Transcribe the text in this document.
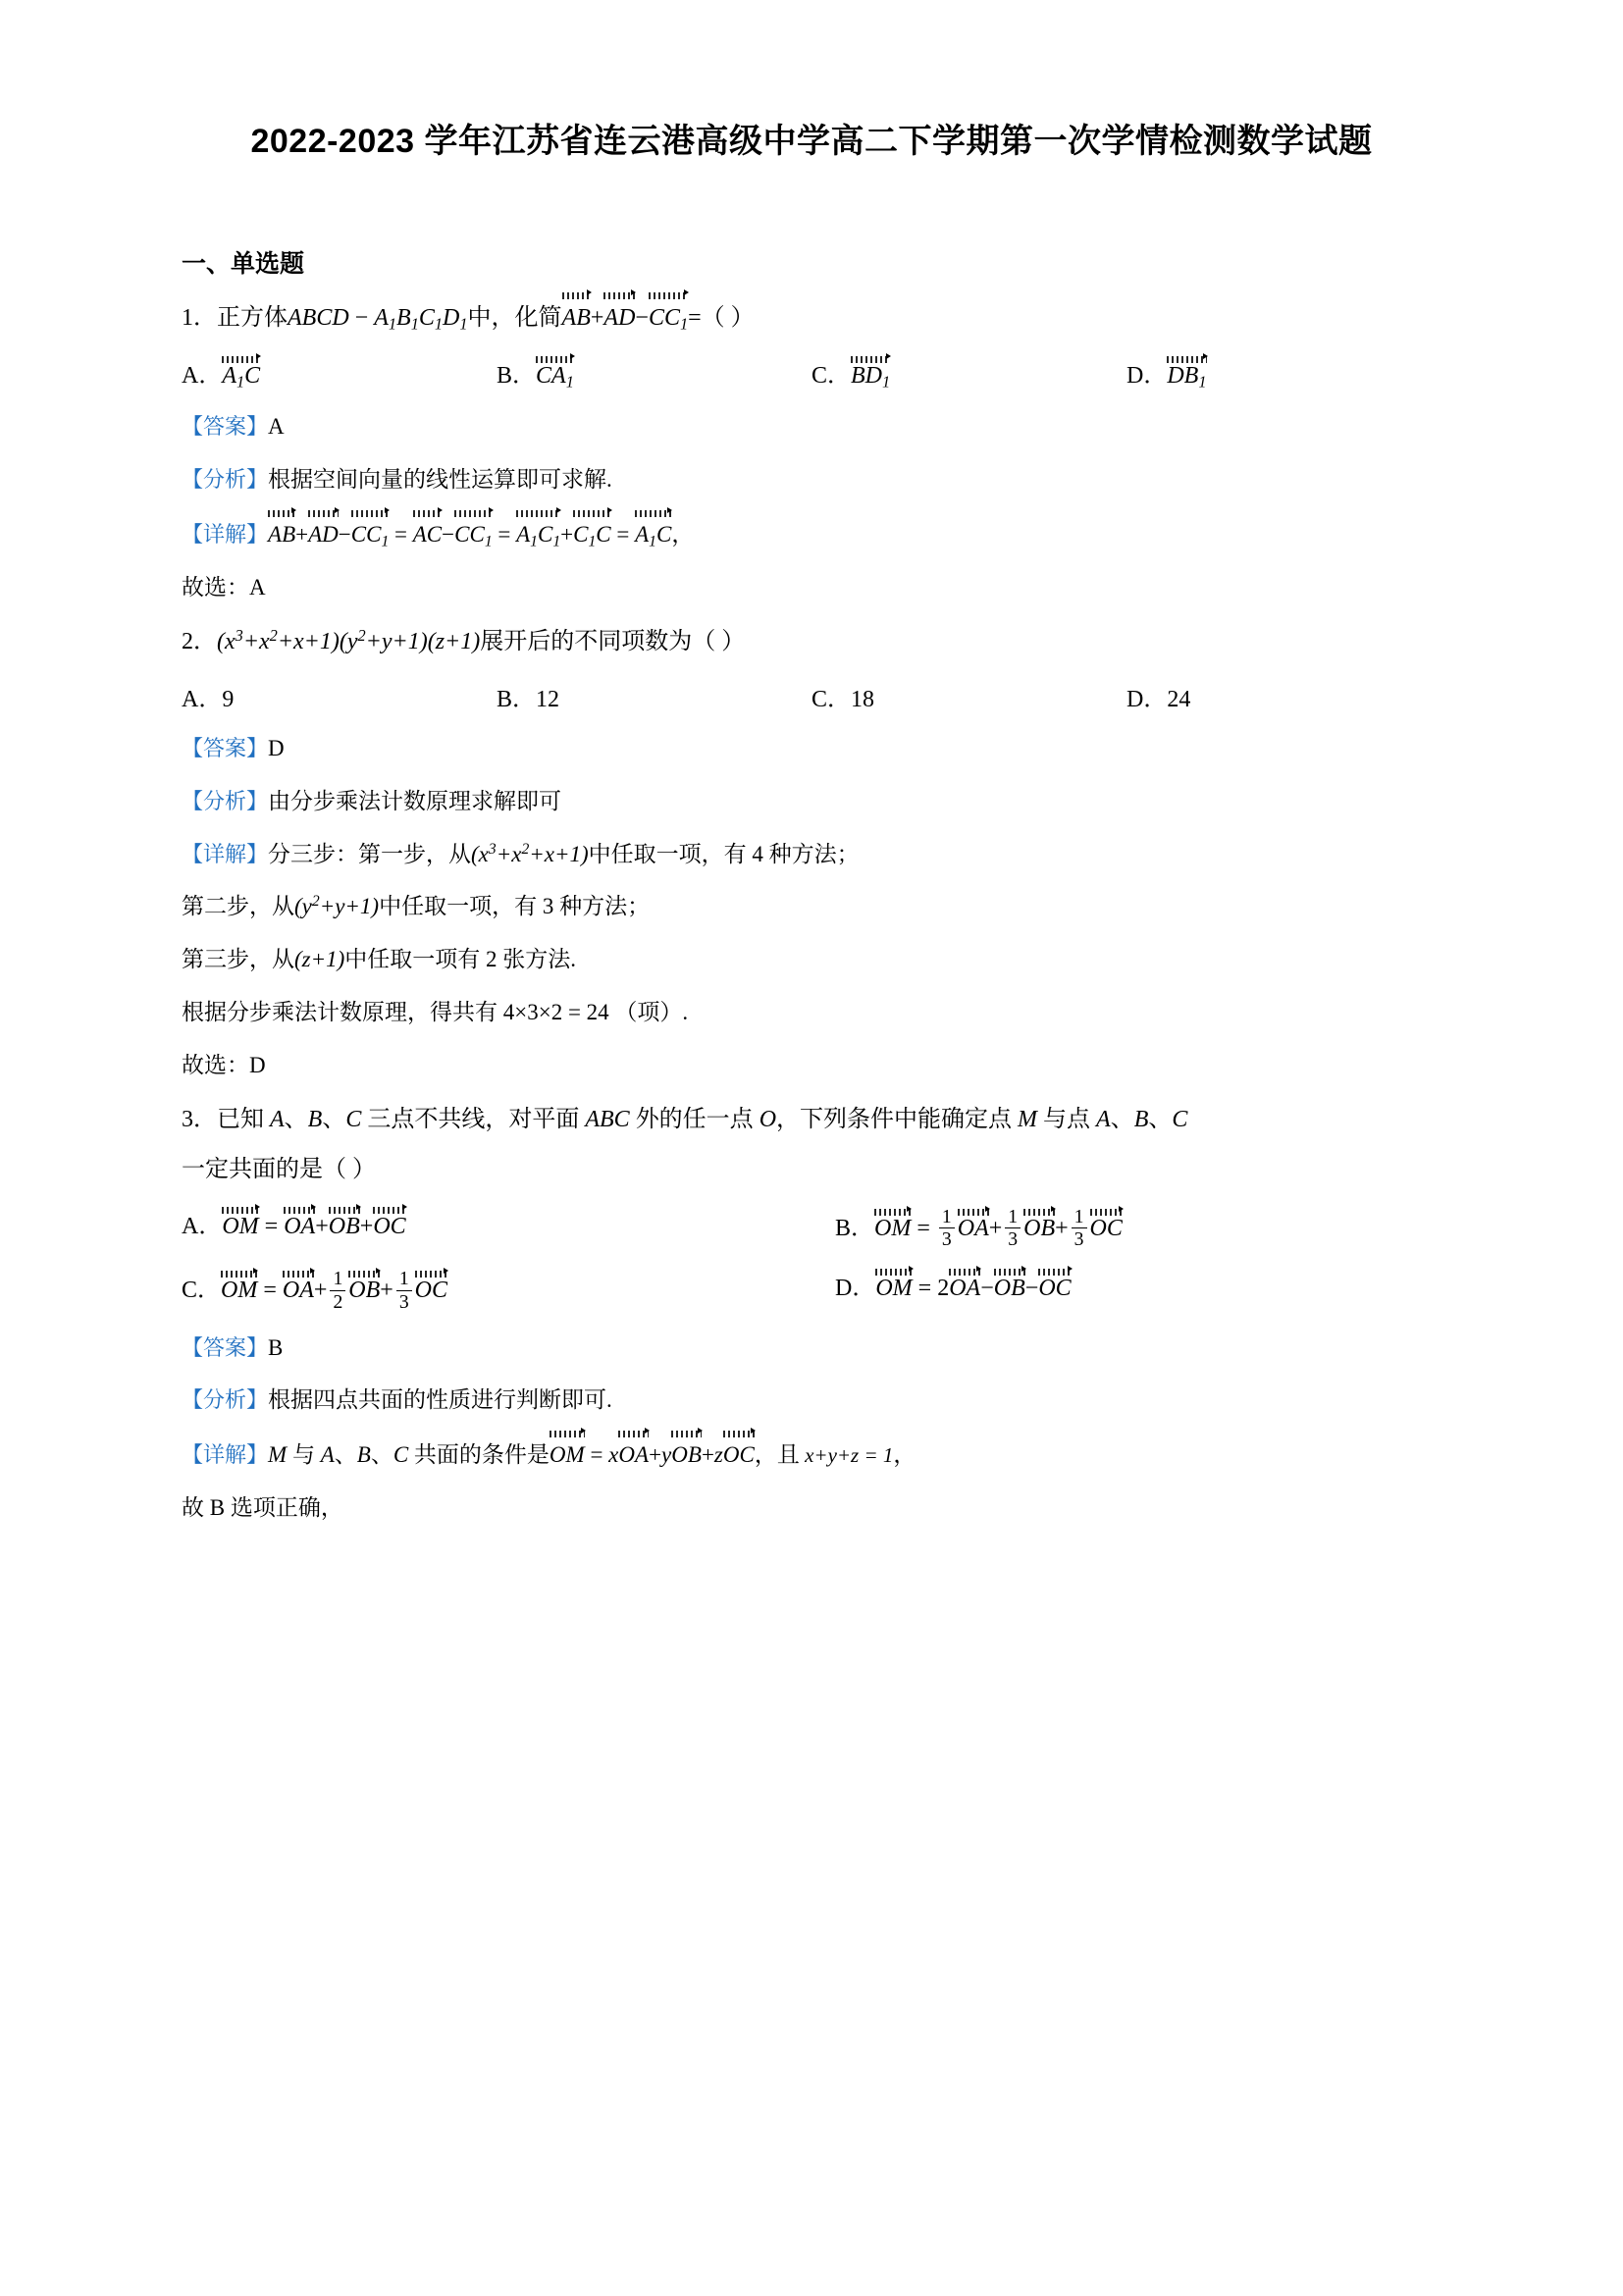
2022-2023 学年江苏省连云港高级中学高二下学期第一次学情检测数学试题
一、单选题
1．正方体ABCD − $A_1B_1C_1D_1$中，化简$AB+AD-CC_1=$（ ）
A．$A_1C$	B．$CA_1$	C．$BD_1$	D．$DB_1$
【答案】A
【分析】根据空间向量的线性运算即可求解.
【详解】$AB+AD-CC_1 = AC-CC_1 = A_1C_1+C_1C = A_1C$，
故选：A
2．$(x^3+x^2+x+1)(y^2+y+1)(z+1)$展开后的不同项数为（ ）
A．9	B．12	C．18	D．24
【答案】D
【分析】由分步乘法计数原理求解即可
【详解】分三步：第一步，从$(x^3+x^2+x+1)$中任取一项，有 4 种方法；
第二步，从$(y^2+y+1)$中任取一项，有 3 种方法；
第三步，从(z+1)中任取一项有 2 张方法.
根据分步乘法计数原理，得共有 4×3×2 = 24 （项）.
故选：D
3．已知 A、B、C 三点不共线，对平面 ABC 外的任一点 O，下列条件中能确定点 M 与点 A、B、C
一定共面的是（ ）
A．OM = OA+OB+OC	B．OM = $\frac{1}{3} OA+ \frac{1}{3} OB+ \frac{1}{3}$ OC
C．OM = $OA+ \frac{1}{2} OB+ \frac{1}{3}$ OC	D．OM = 2OA−OB−OC
【答案】B
【分析】根据四点共面的性质进行判断即可.
【详解】M 与 A、B、C 共面的条件是OM = xOA+yOB+zOC，且 x+y+z = 1，
故 B 选项正确，
